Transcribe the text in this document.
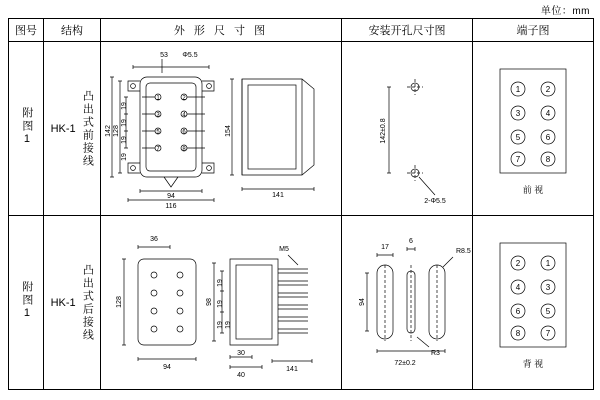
单位：mm
图号	结构	外 形 尺 寸 图	安装开孔尺寸图	端子图
附图1	HK-1 凸出式前接线

53 Φ5.5
142 128
19
19
19
19
94
116
154
141
1	2
3	4
5	6
7	8

142±0.8
2-Φ5.5

1	2
3	4
5	6
7	8
前 视

附图1	HK-1 凸出式后接线

36
128
94
M5
98
19
19
19 19
30
40
141

17
6
R8.5
94
R3
72±0.2

2	1
4	3
6	5
8	7
背 视
